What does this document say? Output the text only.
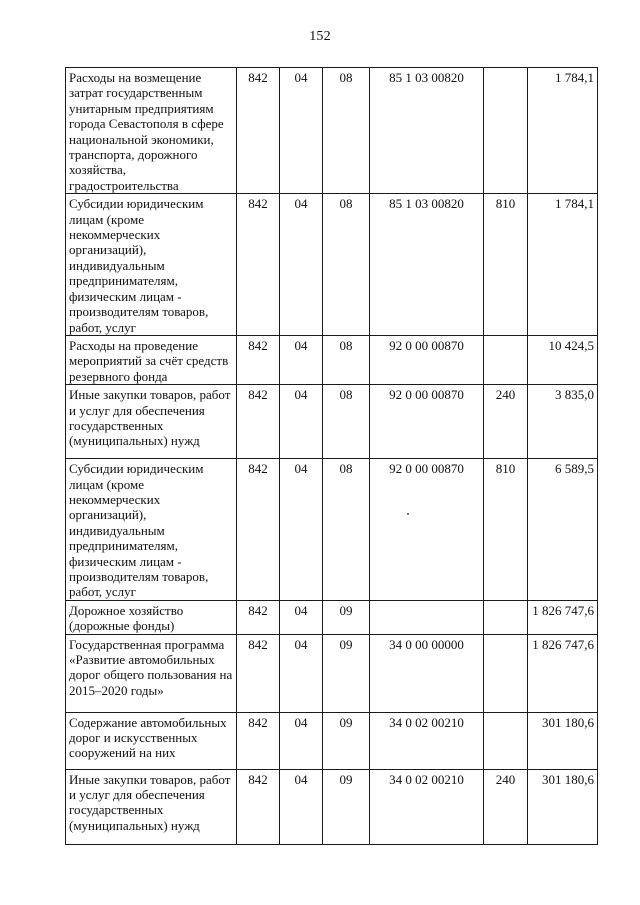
152
Расходы на возмещение затрат государственным унитарным предприятиям города Севастополя в сфере национальной экономики, транспорта, дорожного хозяйства, градостроительства	842	04	08	85 1 03 00820		1 784,1
Субсидии юридическим лицам (кроме некоммерческих организаций), индивидуальным предпринимателям, физическим лицам - производителям товаров, работ, услуг	842	04	08	85 1 03 00820	810	1 784,1
Расходы на проведение мероприятий за счёт средств резервного фонда	842	04	08	92 0 00 00870		10 424,5
Иные закупки товаров, работ и услуг для обеспечения государственных (муниципальных) нужд	842	04	08	92 0 00 00870	240	3 835,0
Субсидии юридическим лицам (кроме некоммерческих организаций), индивидуальным предпринимателям, физическим лицам - производителям товаров, работ, услуг	842	04	08	92 0 00 00870	810	6 589,5
Дорожное хозяйство (дорожные фонды)	842	04	09			1 826 747,6
Государственная программа «Развитие автомобильных дорог общего пользования на 2015–2020 годы»	842	04	09	34 0 00 00000		1 826 747,6
Содержание автомобильных дорог и искусственных сооружений на них	842	04	09	34 0 02 00210		301 180,6
Иные закупки товаров, работ и услуг для обеспечения государственных (муниципальных) нужд	842	04	09	34 0 02 00210	240	301 180,6
